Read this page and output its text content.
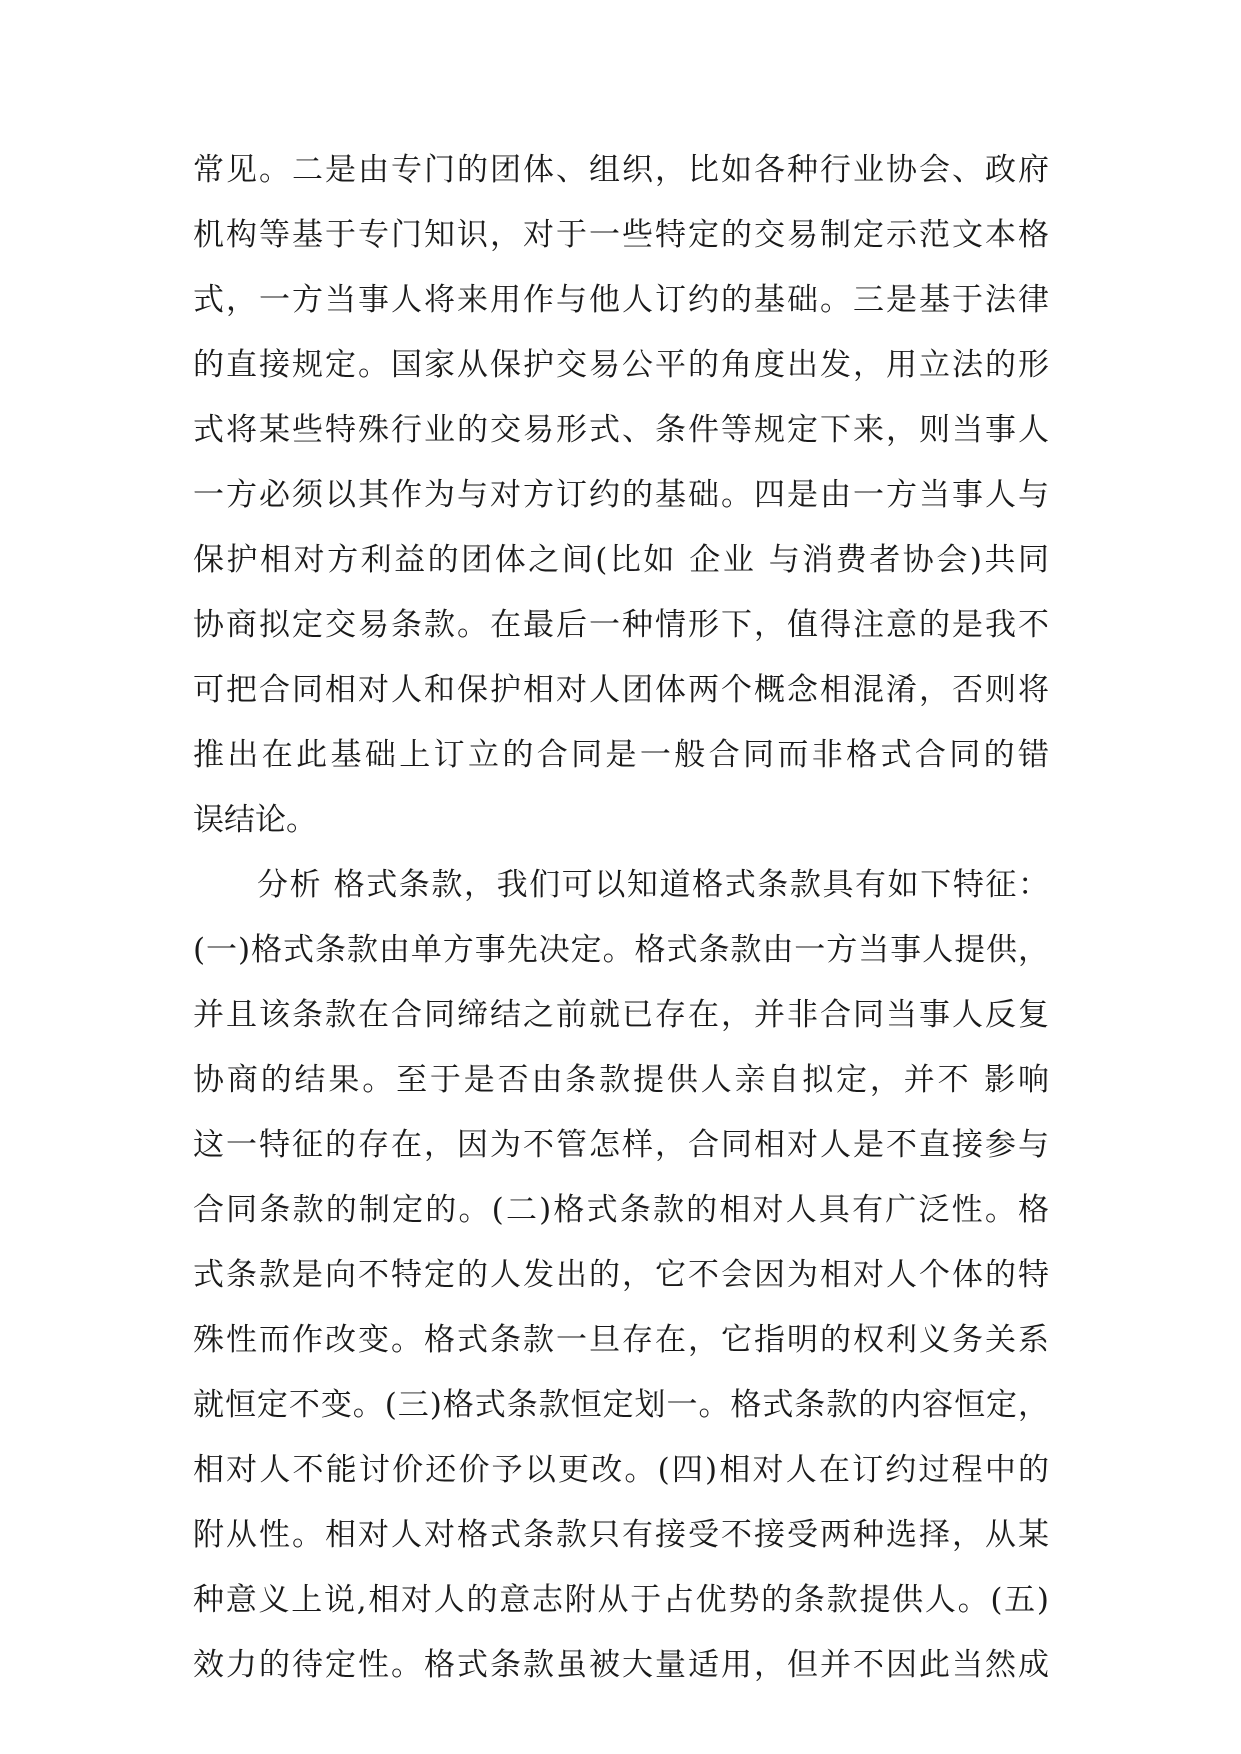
常见。二是由专门的团体、组织，比如各种行业协会、政府
机构等基于专门知识，对于一些特定的交易制定示范文本格
式，一方当事人将来用作与他人订约的基础。三是基于法律
的直接规定。国家从保护交易公平的角度出发，用立法的形
式将某些特殊行业的交易形式、条件等规定下来，则当事人
一方必须以其作为与对方订约的基础。四是由一方当事人与
保护相对方利益的团体之间(比如 企业 与消费者协会)共同
协商拟定交易条款。在最后一种情形下，值得注意的是我不
可把合同相对人和保护相对人团体两个概念相混淆，否则将
推出在此基础上订立的合同是一般合同而非格式合同的错
误结论。
分析 格式条款，我们可以知道格式条款具有如下特征：
(一)格式条款由单方事先决定。格式条款由一方当事人提供，
并且该条款在合同缔结之前就已存在，并非合同当事人反复
协商的结果。至于是否由条款提供人亲自拟定，并不 影响
这一特征的存在，因为不管怎样，合同相对人是不直接参与
合同条款的制定的。(二)格式条款的相对人具有广泛性。格
式条款是向不特定的人发出的，它不会因为相对人个体的特
殊性而作改变。格式条款一旦存在，它指明的权利义务关系
就恒定不变。(三)格式条款恒定划一。格式条款的内容恒定，
相对人不能讨价还价予以更改。(四)相对人在订约过程中的
附从性。相对人对格式条款只有接受不接受两种选择，从某
种意义上说,相对人的意志附从于占优势的条款提供人。(五)
效力的待定性。格式条款虽被大量适用，但并不因此当然成
